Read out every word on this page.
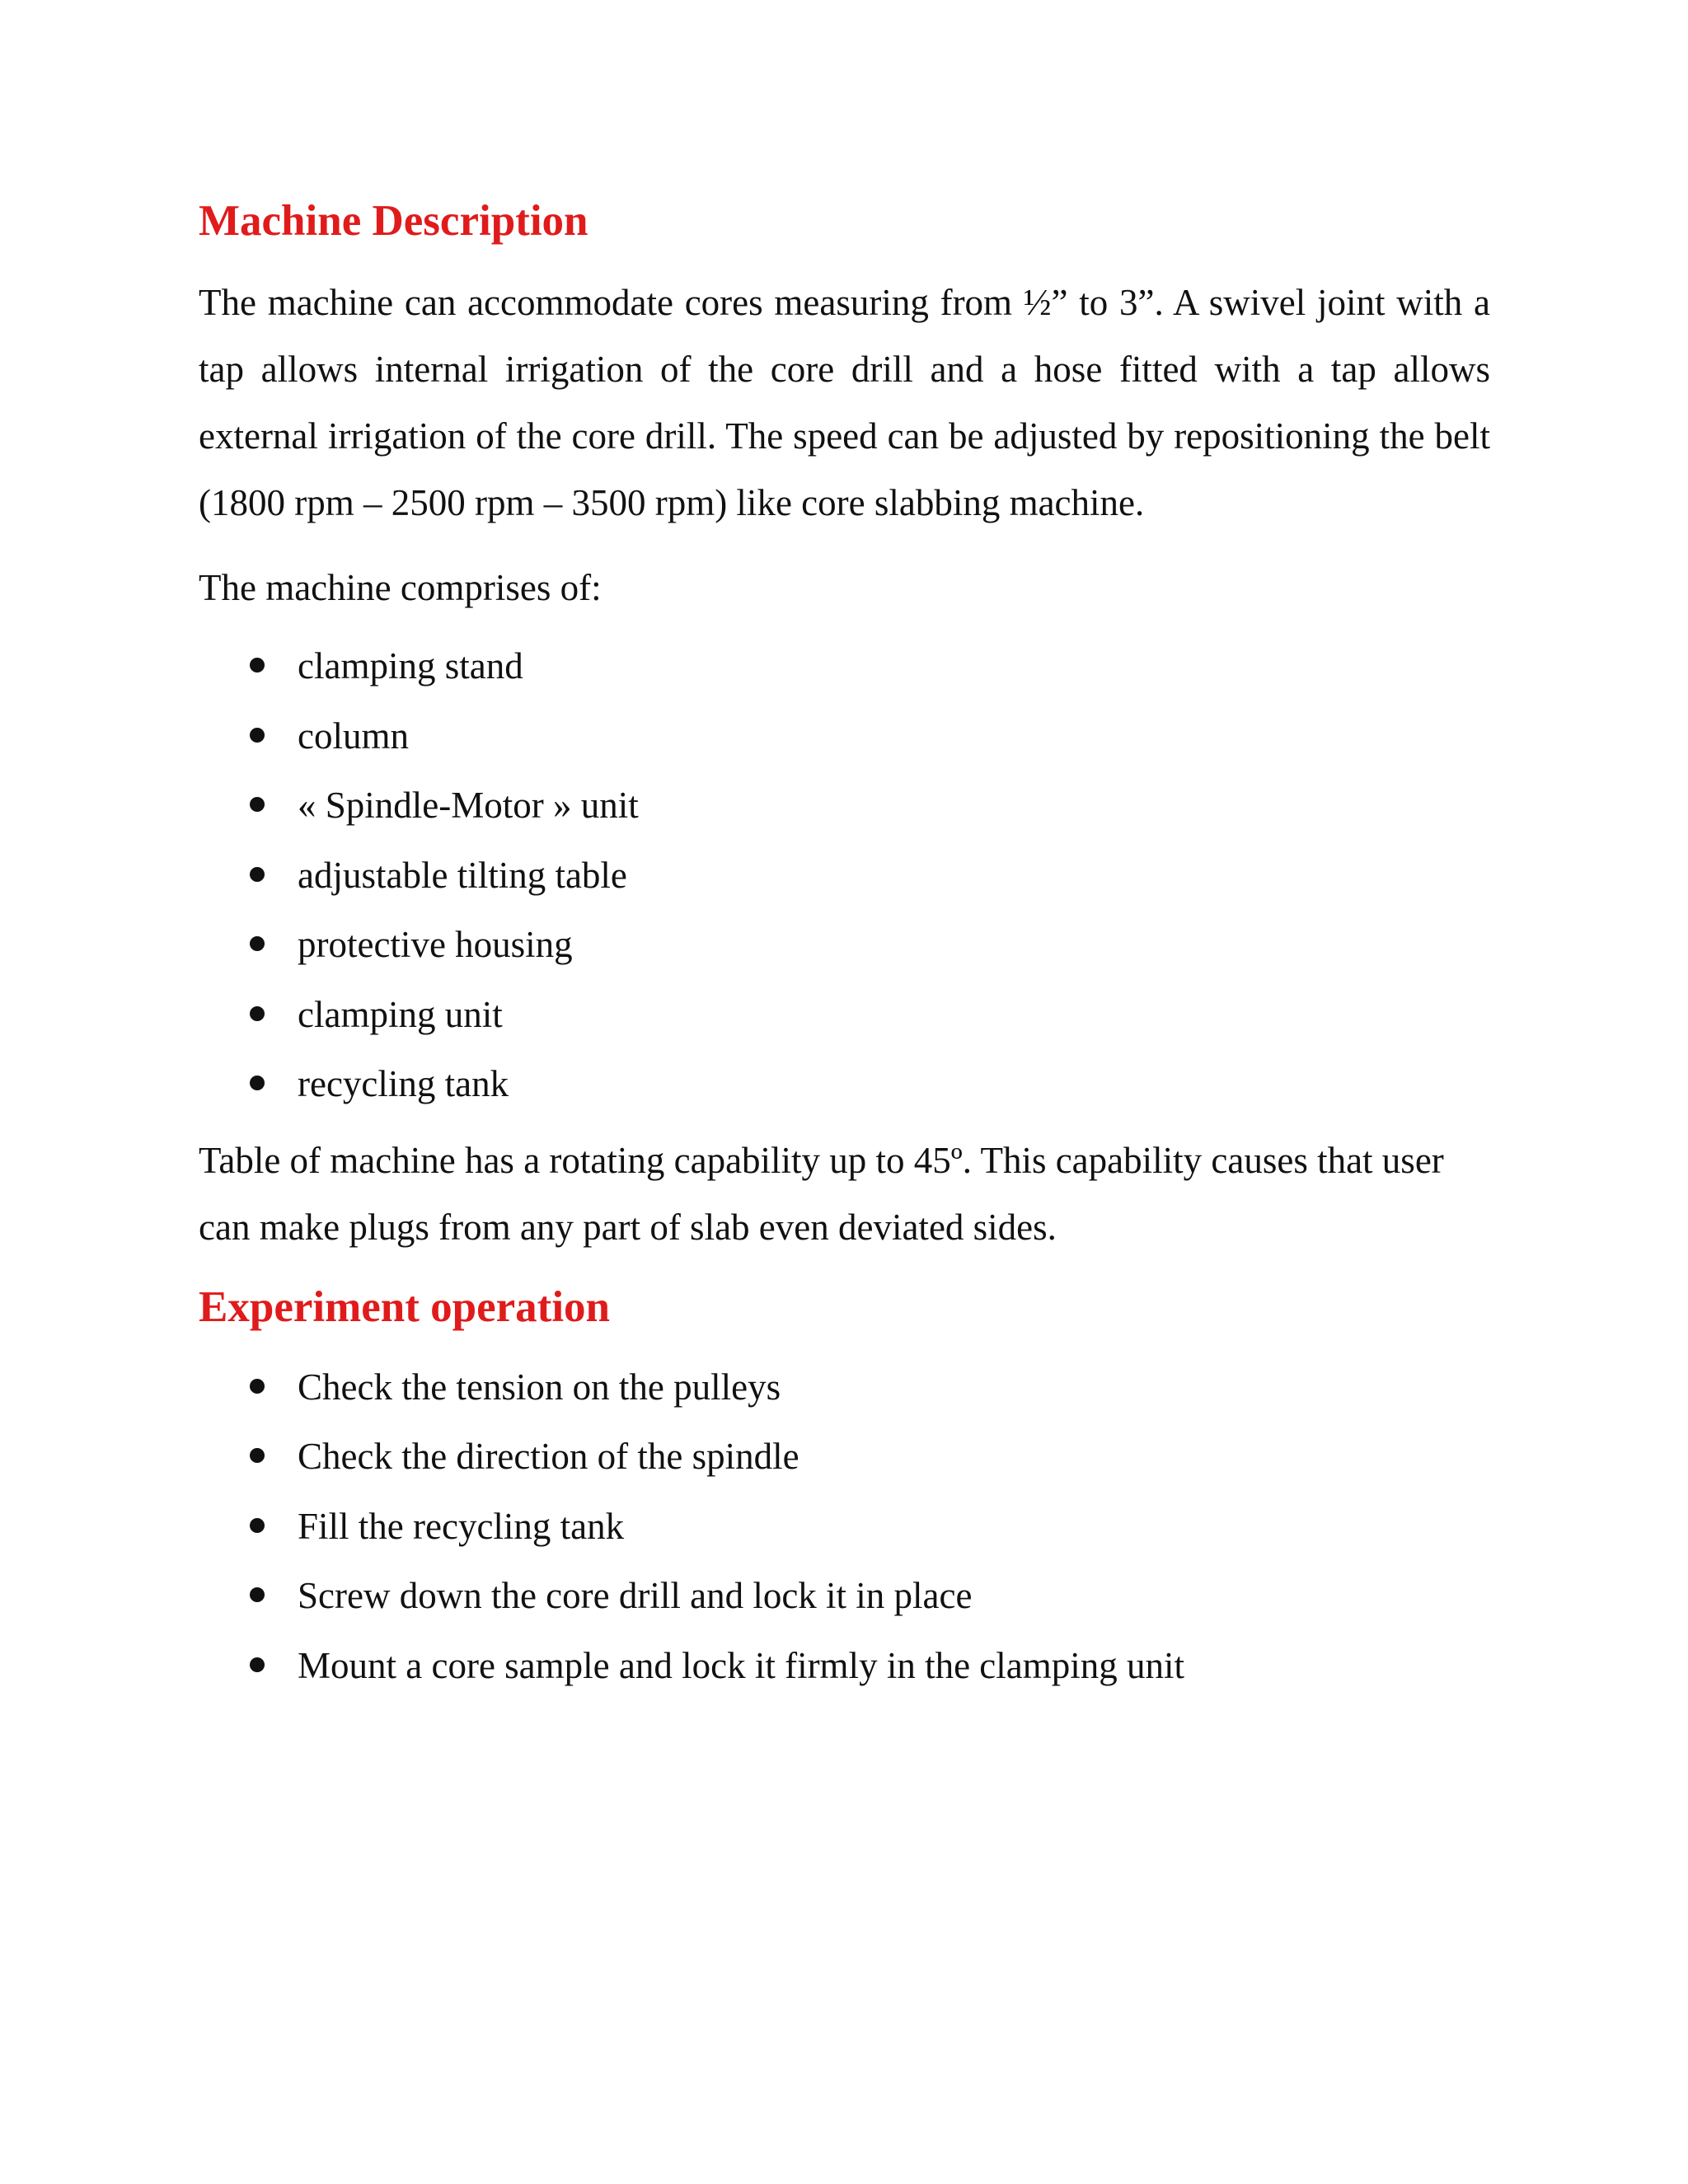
Machine Description

The machine can accommodate cores measuring from ½” to 3”. A swivel joint with a tap allows internal irrigation of the core drill and a hose fitted with a tap allows external irrigation of the core drill. The speed can be adjusted by repositioning the belt (1800 rpm – 2500 rpm – 3500 rpm) like core slabbing machine.

The machine comprises of:

clamping stand
column
« Spindle-Motor » unit
adjustable tilting table
protective housing
clamping unit
recycling tank

Table of machine has a rotating capability up to 45º. This capability causes that user can make plugs from any part of slab even deviated sides.

Experiment operation
Check the tension on the pulleys
Check the direction of the spindle
Fill the recycling tank
Screw down the core drill and lock it in place
Mount a core sample and lock it firmly in the clamping unit
